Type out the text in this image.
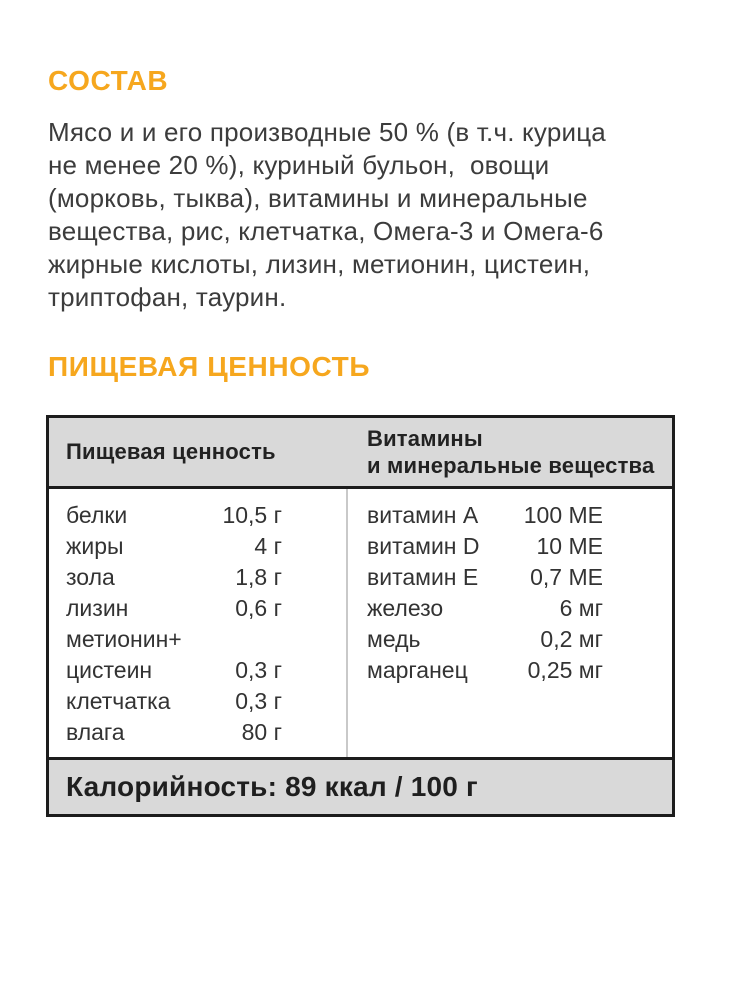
СОСТАВ
Мясо и и его производные 50 % (в т.ч. курица
не менее 20 %), куриный бульон,  овощи
(морковь, тыква), витамины и минеральные
вещества, рис, клетчатка, Омега-3 и Омега-6
жирные кислоты, лизин, метионин, цистеин,
триптофан, таурин.
ПИЩЕВАЯ ЦЕННОСТЬ
Пищевая ценность
Витамины
и минеральные вещества
белки	10,5 г
жиры	4 г
зола	1,8 г
лизин	0,6 г
метионин+
цистеин	0,3 г
клетчатка	0,3 г
влага	80 г
витамин A 100 МЕ
витамин D 10 МЕ
витамин E 0,7 МЕ
железо	6 мг
медь	0,2 мг
марганец	0,25 мг
Калорийность: 89 ккал / 100 г
